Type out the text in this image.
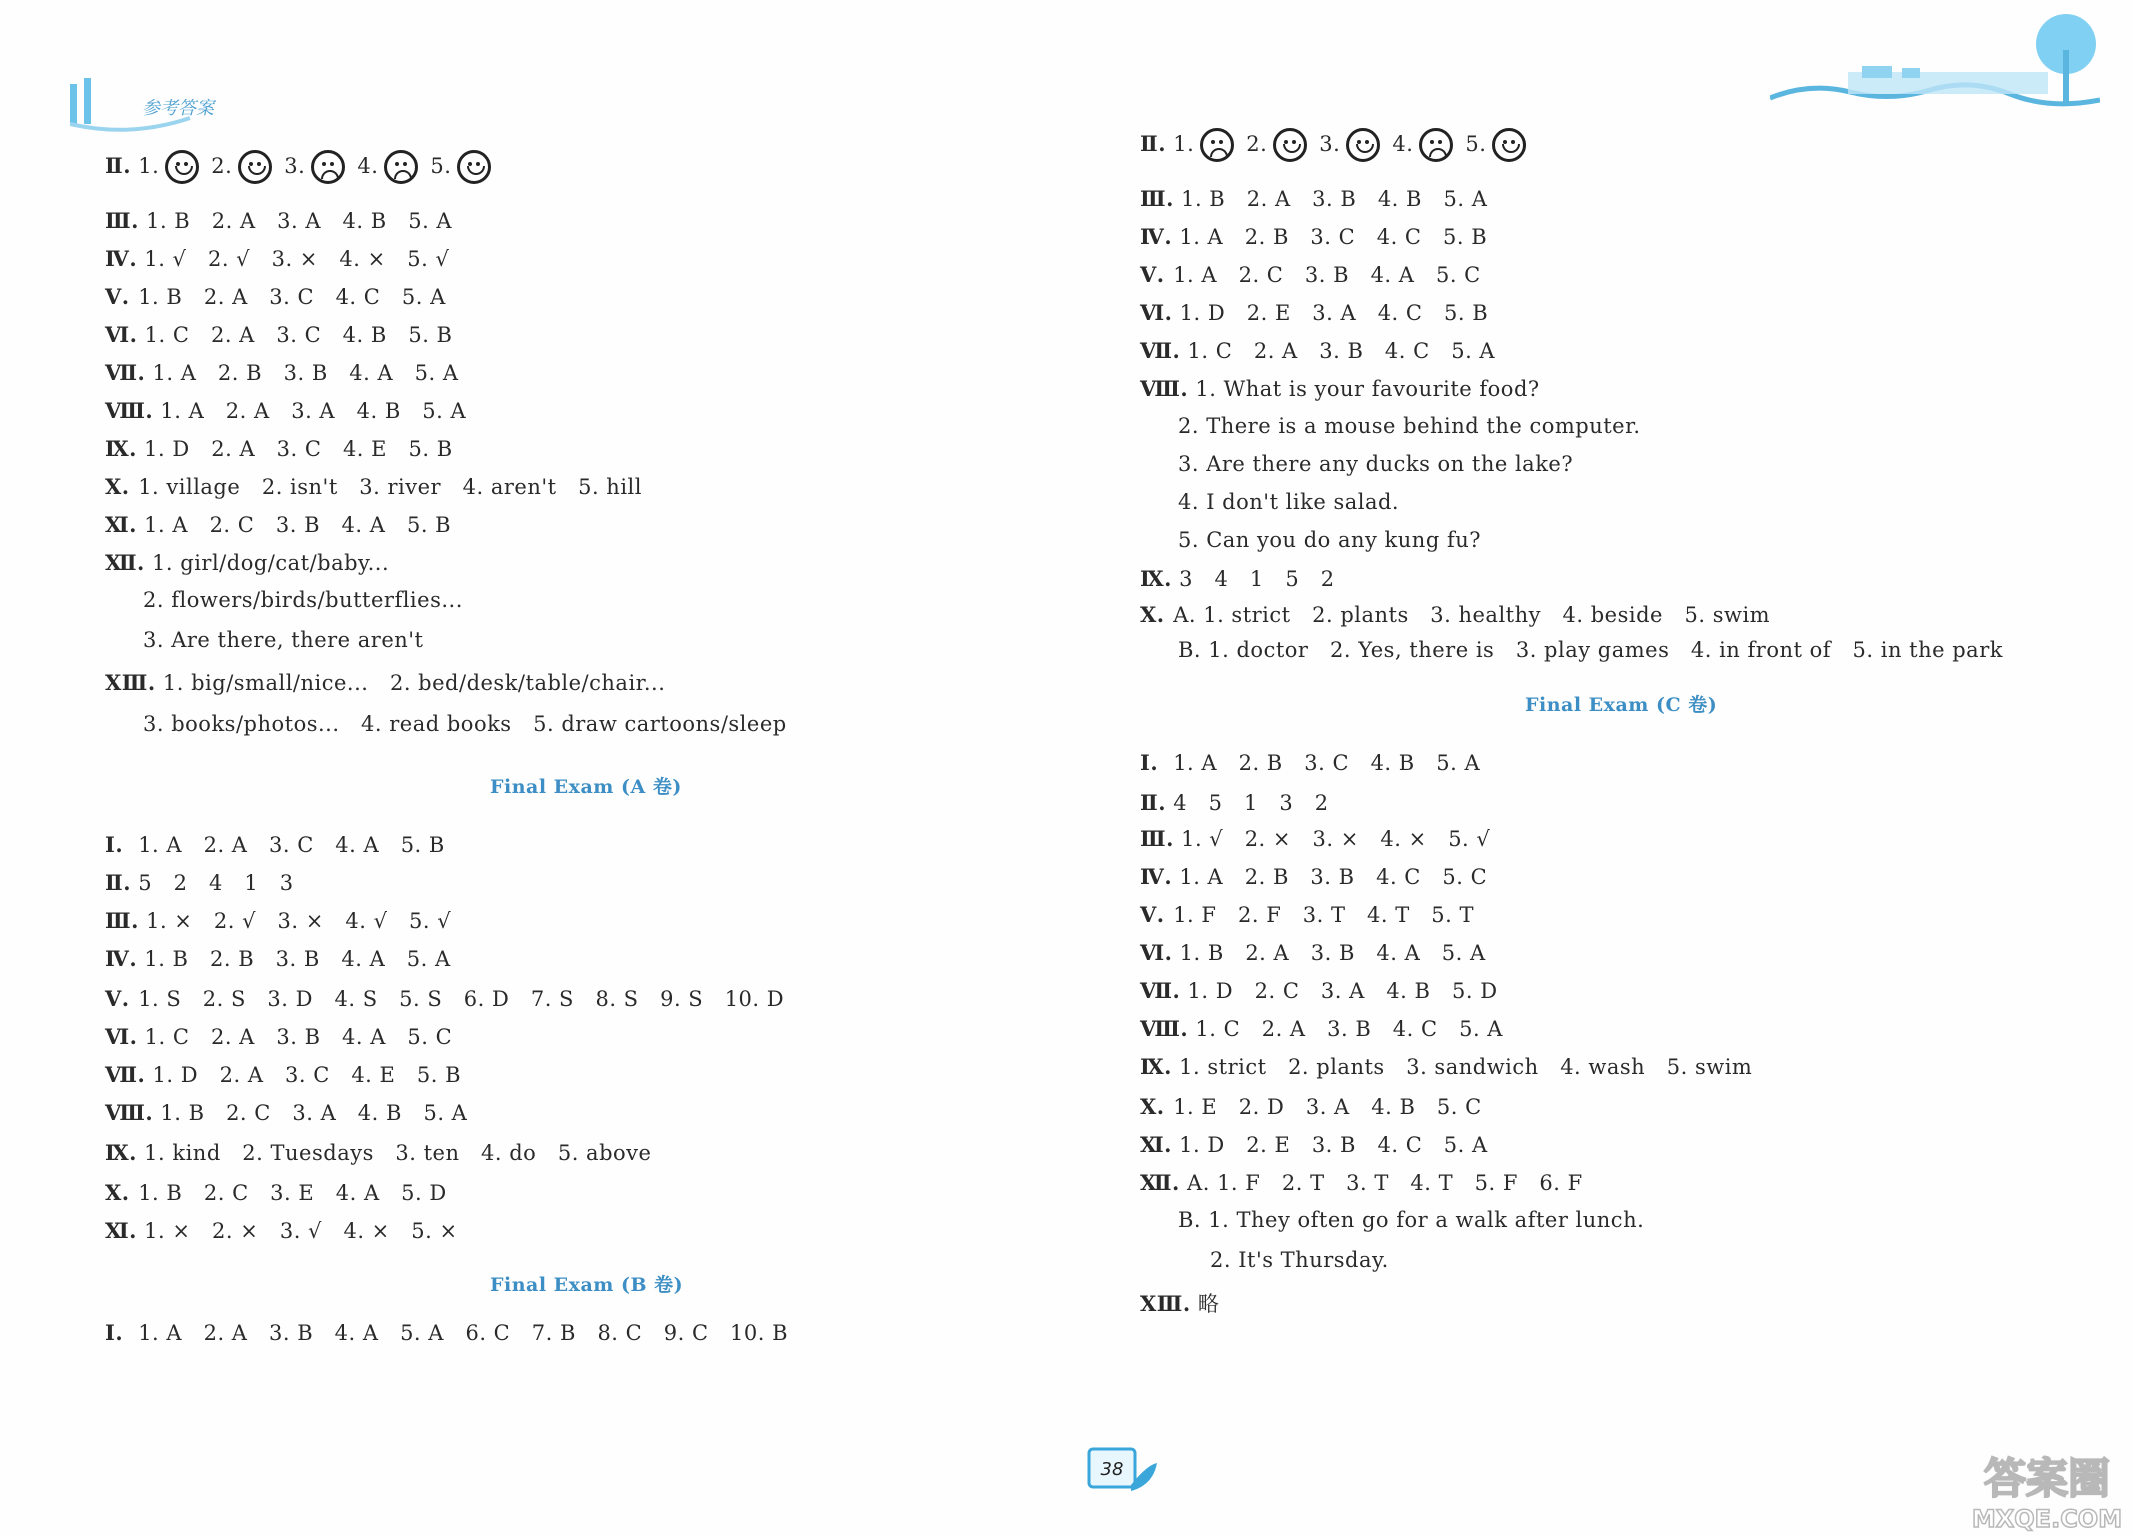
参考答案
Ⅱ. 1. 2. 3. 4. 5.
Ⅲ. 1. B   2. A   3. A   4. B   5. A
Ⅳ. 1. √   2. √   3. ×   4. ×   5. √
Ⅴ. 1. B   2. A   3. C   4. C   5. A
Ⅵ. 1. C   2. A   3. C   4. B   5. B
Ⅶ. 1. A   2. B   3. B   4. A   5. A
Ⅷ. 1. A   2. A   3. A   4. B   5. A
Ⅸ. 1. D   2. A   3. C   4. E   5. B
Ⅹ. 1. village   2. isn't   3. river   4. aren't   5. hill
Ⅺ. 1. A   2. C   3. B   4. A   5. B
Ⅻ. 1. girl/dog/cat/baby...
2. flowers/birds/butterflies...
3. Are there, there aren't
ⅩⅢ. 1. big/small/nice...   2. bed/desk/table/chair...
3. books/photos...   4. read books   5. draw cartoons/sleep
Final Exam (A 卷)
Ⅰ. 1. A   2. A   3. C   4. A   5. B
Ⅱ. 5   2   4   1   3
Ⅲ. 1. ×   2. √   3. ×   4. √   5. √
Ⅳ. 1. B   2. B   3. B   4. A   5. A
Ⅴ. 1. S   2. S   3. D   4. S   5. S   6. D   7. S   8. S   9. S   10. D
Ⅵ. 1. C   2. A   3. B   4. A   5. C
Ⅶ. 1. D   2. A   3. C   4. E   5. B
Ⅷ. 1. B   2. C   3. A   4. B   5. A
Ⅸ. 1. kind   2. Tuesdays   3. ten   4. do   5. above
Ⅹ. 1. B   2. C   3. E   4. A   5. D
Ⅺ. 1. ×   2. ×   3. √   4. ×   5. ×
Final Exam (B 卷)
Ⅰ. 1. A   2. A   3. B   4. A   5. A   6. C   7. B   8. C   9. C   10. B
Ⅱ. 1. 2. 3. 4. 5.
Ⅲ. 1. B   2. A   3. B   4. B   5. A
Ⅳ. 1. A   2. B   3. C   4. C   5. B
Ⅴ. 1. A   2. C   3. B   4. A   5. C
Ⅵ. 1. D   2. E   3. A   4. C   5. B
Ⅶ. 1. C   2. A   3. B   4. C   5. A
Ⅷ. 1. What is your favourite food?
2. There is a mouse behind the computer.
3. Are there any ducks on the lake?
4. I don't like salad.
5. Can you do any kung fu?
Ⅸ. 3   4   1   5   2
Ⅹ. A. 1. strict   2. plants   3. healthy   4. beside   5. swim
B. 1. doctor   2. Yes, there is   3. play games   4. in front of   5. in the park
Final Exam (C 卷)
Ⅰ. 1. A   2. B   3. C   4. B   5. A
Ⅱ. 4   5   1   3   2
Ⅲ. 1. √   2. ×   3. ×   4. ×   5. √
Ⅳ. 1. A   2. B   3. B   4. C   5. C
Ⅴ. 1. F   2. F   3. T   4. T   5. T
Ⅵ. 1. B   2. A   3. B   4. A   5. A
Ⅶ. 1. D   2. C   3. A   4. B   5. D
Ⅷ. 1. C   2. A   3. B   4. C   5. A
Ⅸ. 1. strict   2. plants   3. sandwich   4. wash   5. swim
Ⅹ. 1. E   2. D   3. A   4. B   5. C
Ⅺ. 1. D   2. E   3. B   4. C   5. A
Ⅻ. A. 1. F   2. T   3. T   4. T   5. F   6. F
B. 1. They often go for a walk after lunch.
2. It's Thursday.
ⅩⅢ. 略
38	答案圈
MXQE.COM
